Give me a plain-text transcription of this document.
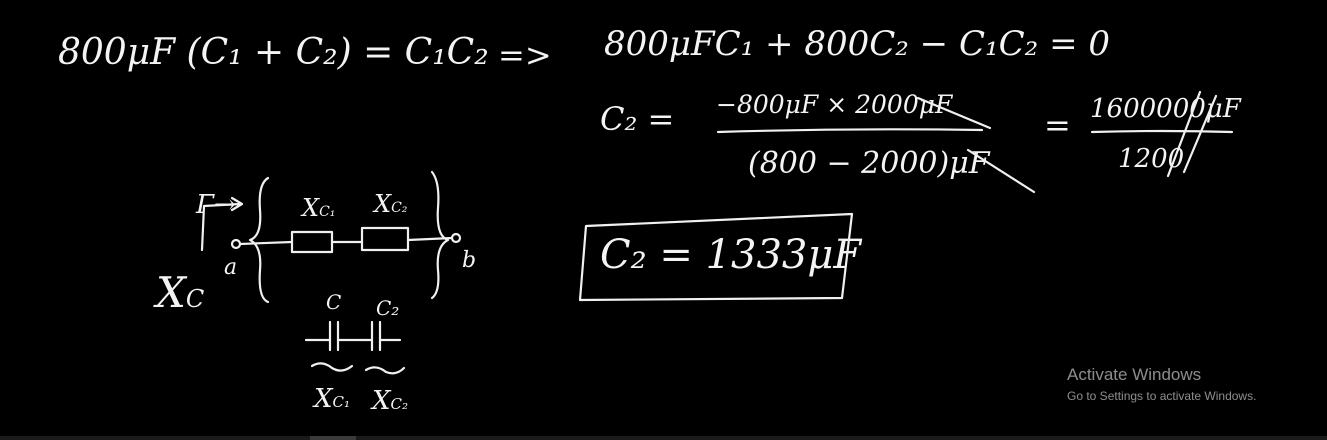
800μF (C₁ + C₂) = C₁C₂ => 800μFC₁ + 800C₂ − C₁C₂ = 0
C₂ = −800μF × 2000μF
(800 − 2000)μF
= 1600000μF
1200
C₂ = 1333μF
Γ→
a	b
XC
XC₁ XC₂
C C₂
XC₁ XC₂
Activate Windows
Go to Settings to activate Windows.
